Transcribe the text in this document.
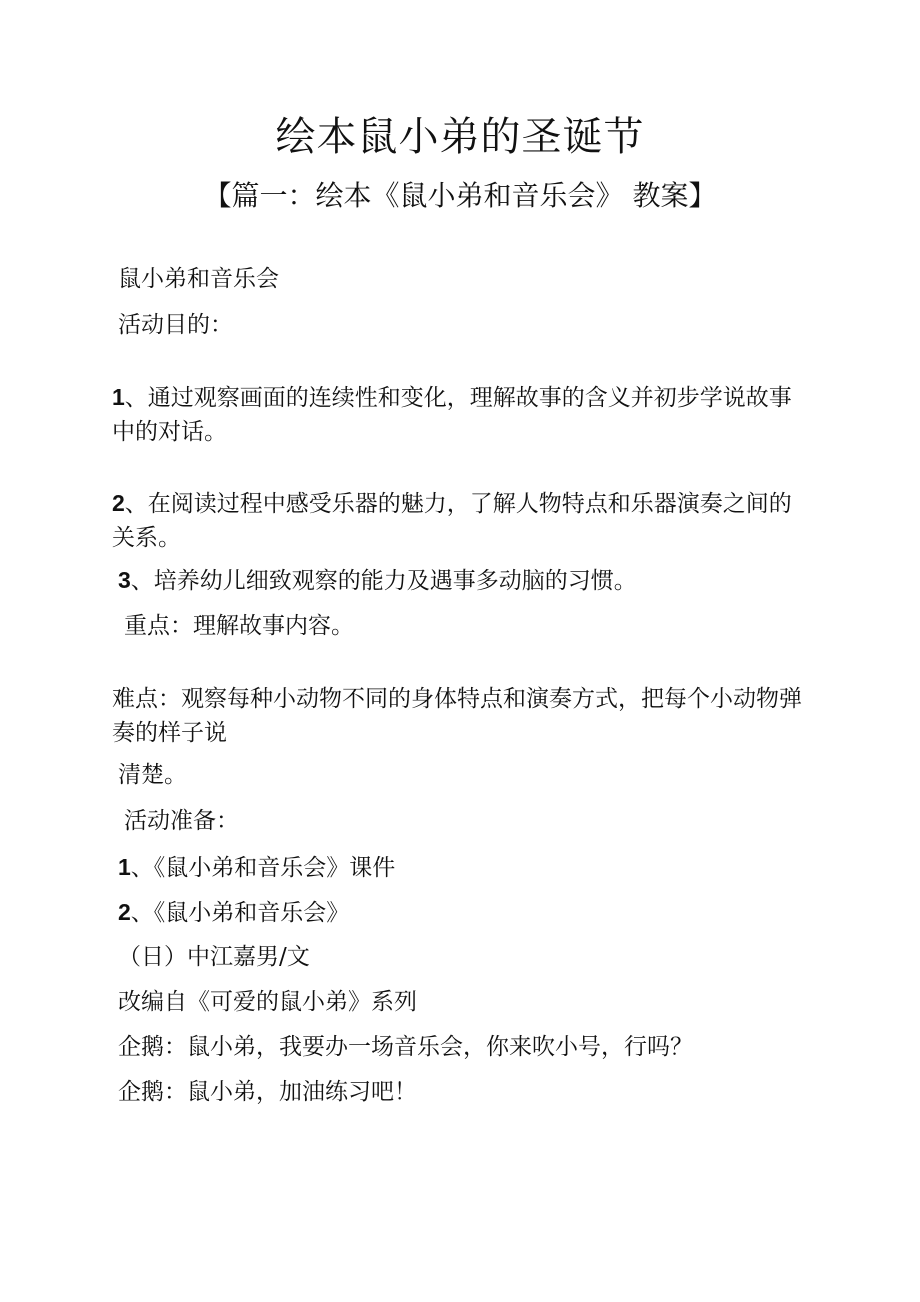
绘本鼠小弟的圣诞节
【篇一：绘本《鼠小弟和音乐会》 教案】
鼠小弟和音乐会
活动目的：
1、通过观察画面的连续性和变化，理解故事的含义并初步学说故事中的对话。
2、在阅读过程中感受乐器的魅力，了解人物特点和乐器演奏之间的关系。
3、培养幼儿细致观察的能力及遇事多动脑的习惯。
重点：理解故事内容。
难点：观察每种小动物不同的身体特点和演奏方式，把每个小动物弹奏的样子说
清楚。
活动准备：
1、《鼠小弟和音乐会》课件
2、《鼠小弟和音乐会》
（日）中江嘉男/文
改编自《可爱的鼠小弟》系列
企鹅：鼠小弟，我要办一场音乐会，你来吹小号，行吗？
企鹅：鼠小弟，加油练习吧！
